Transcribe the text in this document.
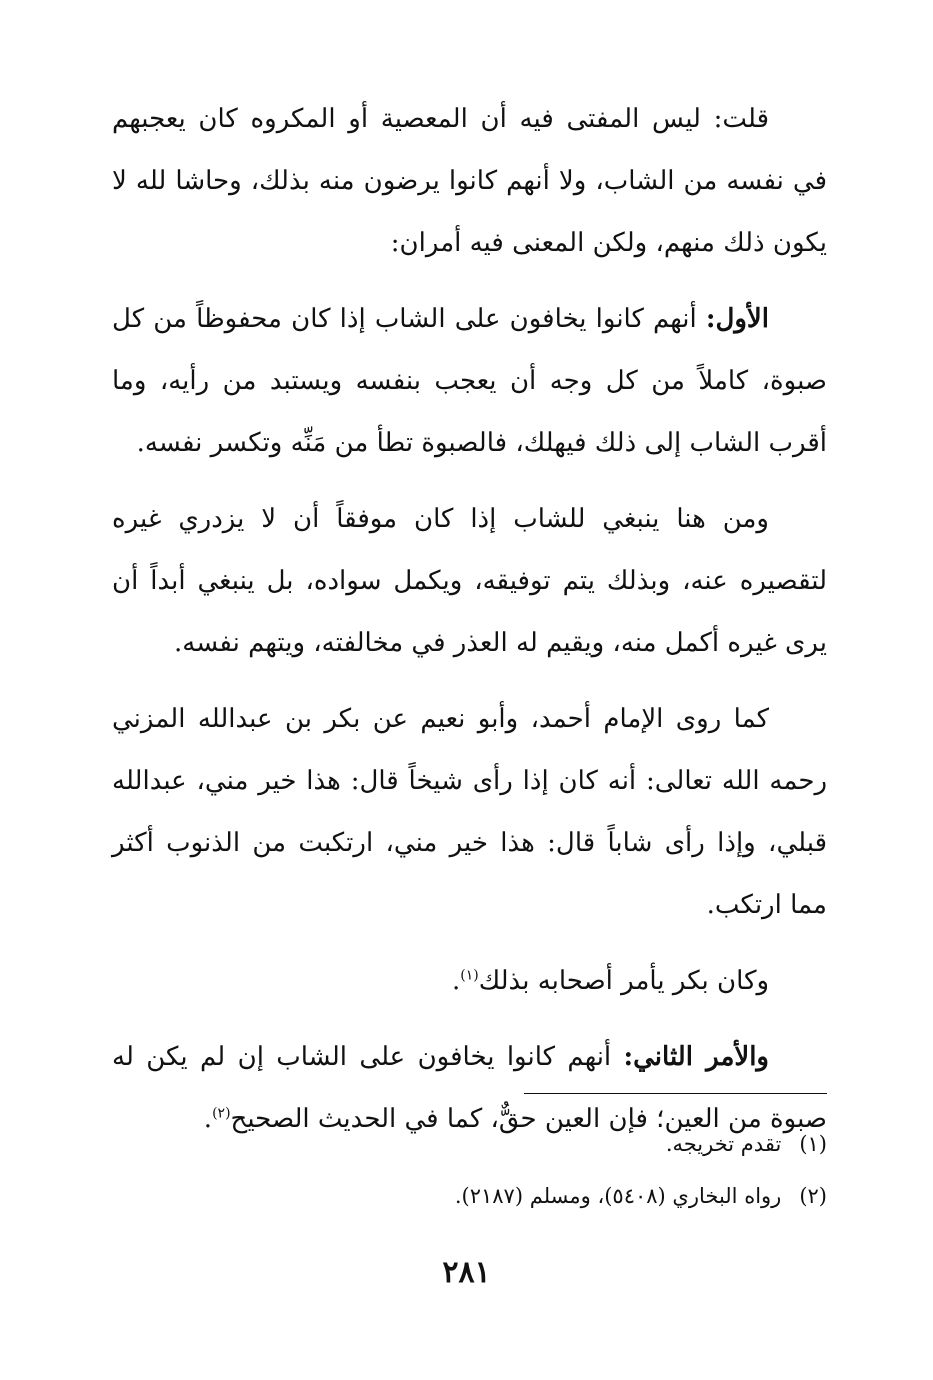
قلت: ليس المفتى فيه أن المعصية أو المكروه كان يعجبهم في نفسه من الشاب، ولا أنهم كانوا يرضون منه بذلك، وحاشا لله لا يكون ذلك منهم، ولكن المعنى فيه أمران:

الأول: أنهم كانوا يخافون على الشاب إذا كان محفوظاً من كل صبوة، كاملاً من كل وجه أن يعجب بنفسه ويستبد من رأيه، وما أقرب الشاب إلى ذلك فيهلك، فالصبوة تطأ من مَنِّه وتكسر نفسه.

ومن هنا ينبغي للشاب إذا كان موفقاً أن لا يزدري غيره لتقصيره عنه، وبذلك يتم توفيقه، ويكمل سواده، بل ينبغي أبداً أن يرى غيره أكمل منه، ويقيم له العذر في مخالفته، ويتهم نفسه.

كما روى الإمام أحمد، وأبو نعيم عن بكر بن عبدالله المزني رحمه الله تعالى: أنه كان إذا رأى شيخاً قال: هذا خير مني، عبدالله قبلي، وإذا رأى شاباً قال: هذا خير مني، ارتكبت من الذنوب أكثر مما ارتكب.

وكان بكر يأمر أصحابه بذلك$^{(١)}$.

والأمر الثاني: أنهم كانوا يخافون على الشاب إن لم يكن له صبوة من العين؛ فإن العين حقٌّ، كما في الحديث الصحيح$^{(٢)}$.

(١)تقدم تخريجه.

(٢)رواه البخاري (٥٤٠٨)، ومسلم (٢١٨٧).

٢٨١
